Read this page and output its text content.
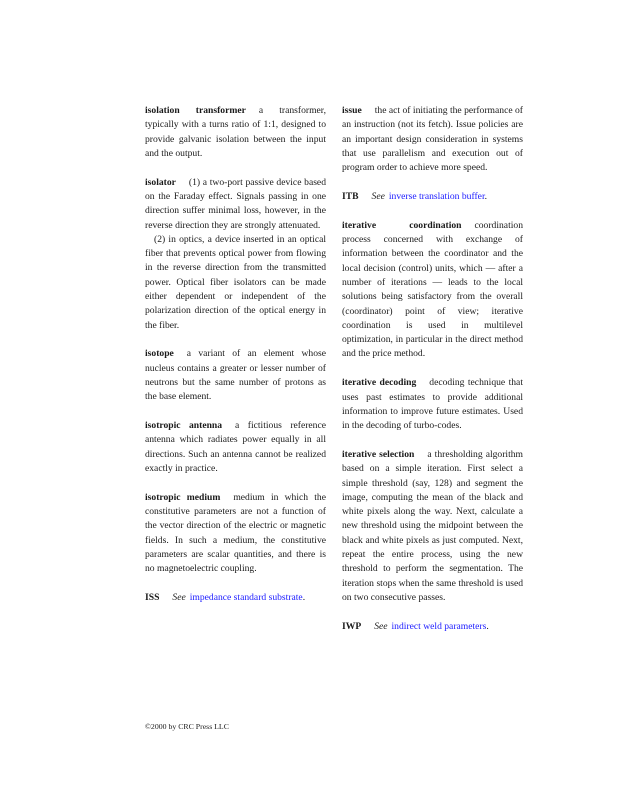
isolation transformer a transformer, typically with a turns ratio of 1:1, designed to provide galvanic isolation between the input and the output.
isolator (1) a two-port passive device based on the Faraday effect. Signals passing in one direction suffer minimal loss, however, in the reverse direction they are strongly attenuated.
(2) in optics, a device inserted in an optical fiber that prevents optical power from flowing in the reverse direction from the transmitted power. Optical fiber isolators can be made either dependent or independent of the polarization direction of the optical energy in the fiber.
isotope a variant of an element whose nucleus contains a greater or lesser number of neutrons but the same number of protons as the base element.
isotropic antenna a fictitious reference antenna which radiates power equally in all directions. Such an antenna cannot be realized exactly in practice.
isotropic medium medium in which the constitutive parameters are not a function of the vector direction of the electric or magnetic fields. In such a medium, the constitutive parameters are scalar quantities, and there is no magnetoelectric coupling.
ISS See impedance standard substrate.
issue the act of initiating the performance of an instruction (not its fetch). Issue policies are an important design consideration in systems that use parallelism and execution out of program order to achieve more speed.
ITB See inverse translation buffer.
iterative coordination coordination process concerned with exchange of information between the coordinator and the local decision (control) units, which — after a number of iterations — leads to the local solutions being satisfactory from the overall (coordinator) point of view; iterative coordination is used in multilevel optimization, in particular in the direct method and the price method.
iterative decoding decoding technique that uses past estimates to provide additional information to improve future estimates. Used in the decoding of turbo-codes.
iterative selection a thresholding algorithm based on a simple iteration. First select a simple threshold (say, 128) and segment the image, computing the mean of the black and white pixels along the way. Next, calculate a new threshold using the midpoint between the black and white pixels as just computed. Next, repeat the entire process, using the new threshold to perform the segmentation. The iteration stops when the same threshold is used on two consecutive passes.
IWP See indirect weld parameters.
©2000 by CRC Press LLC
